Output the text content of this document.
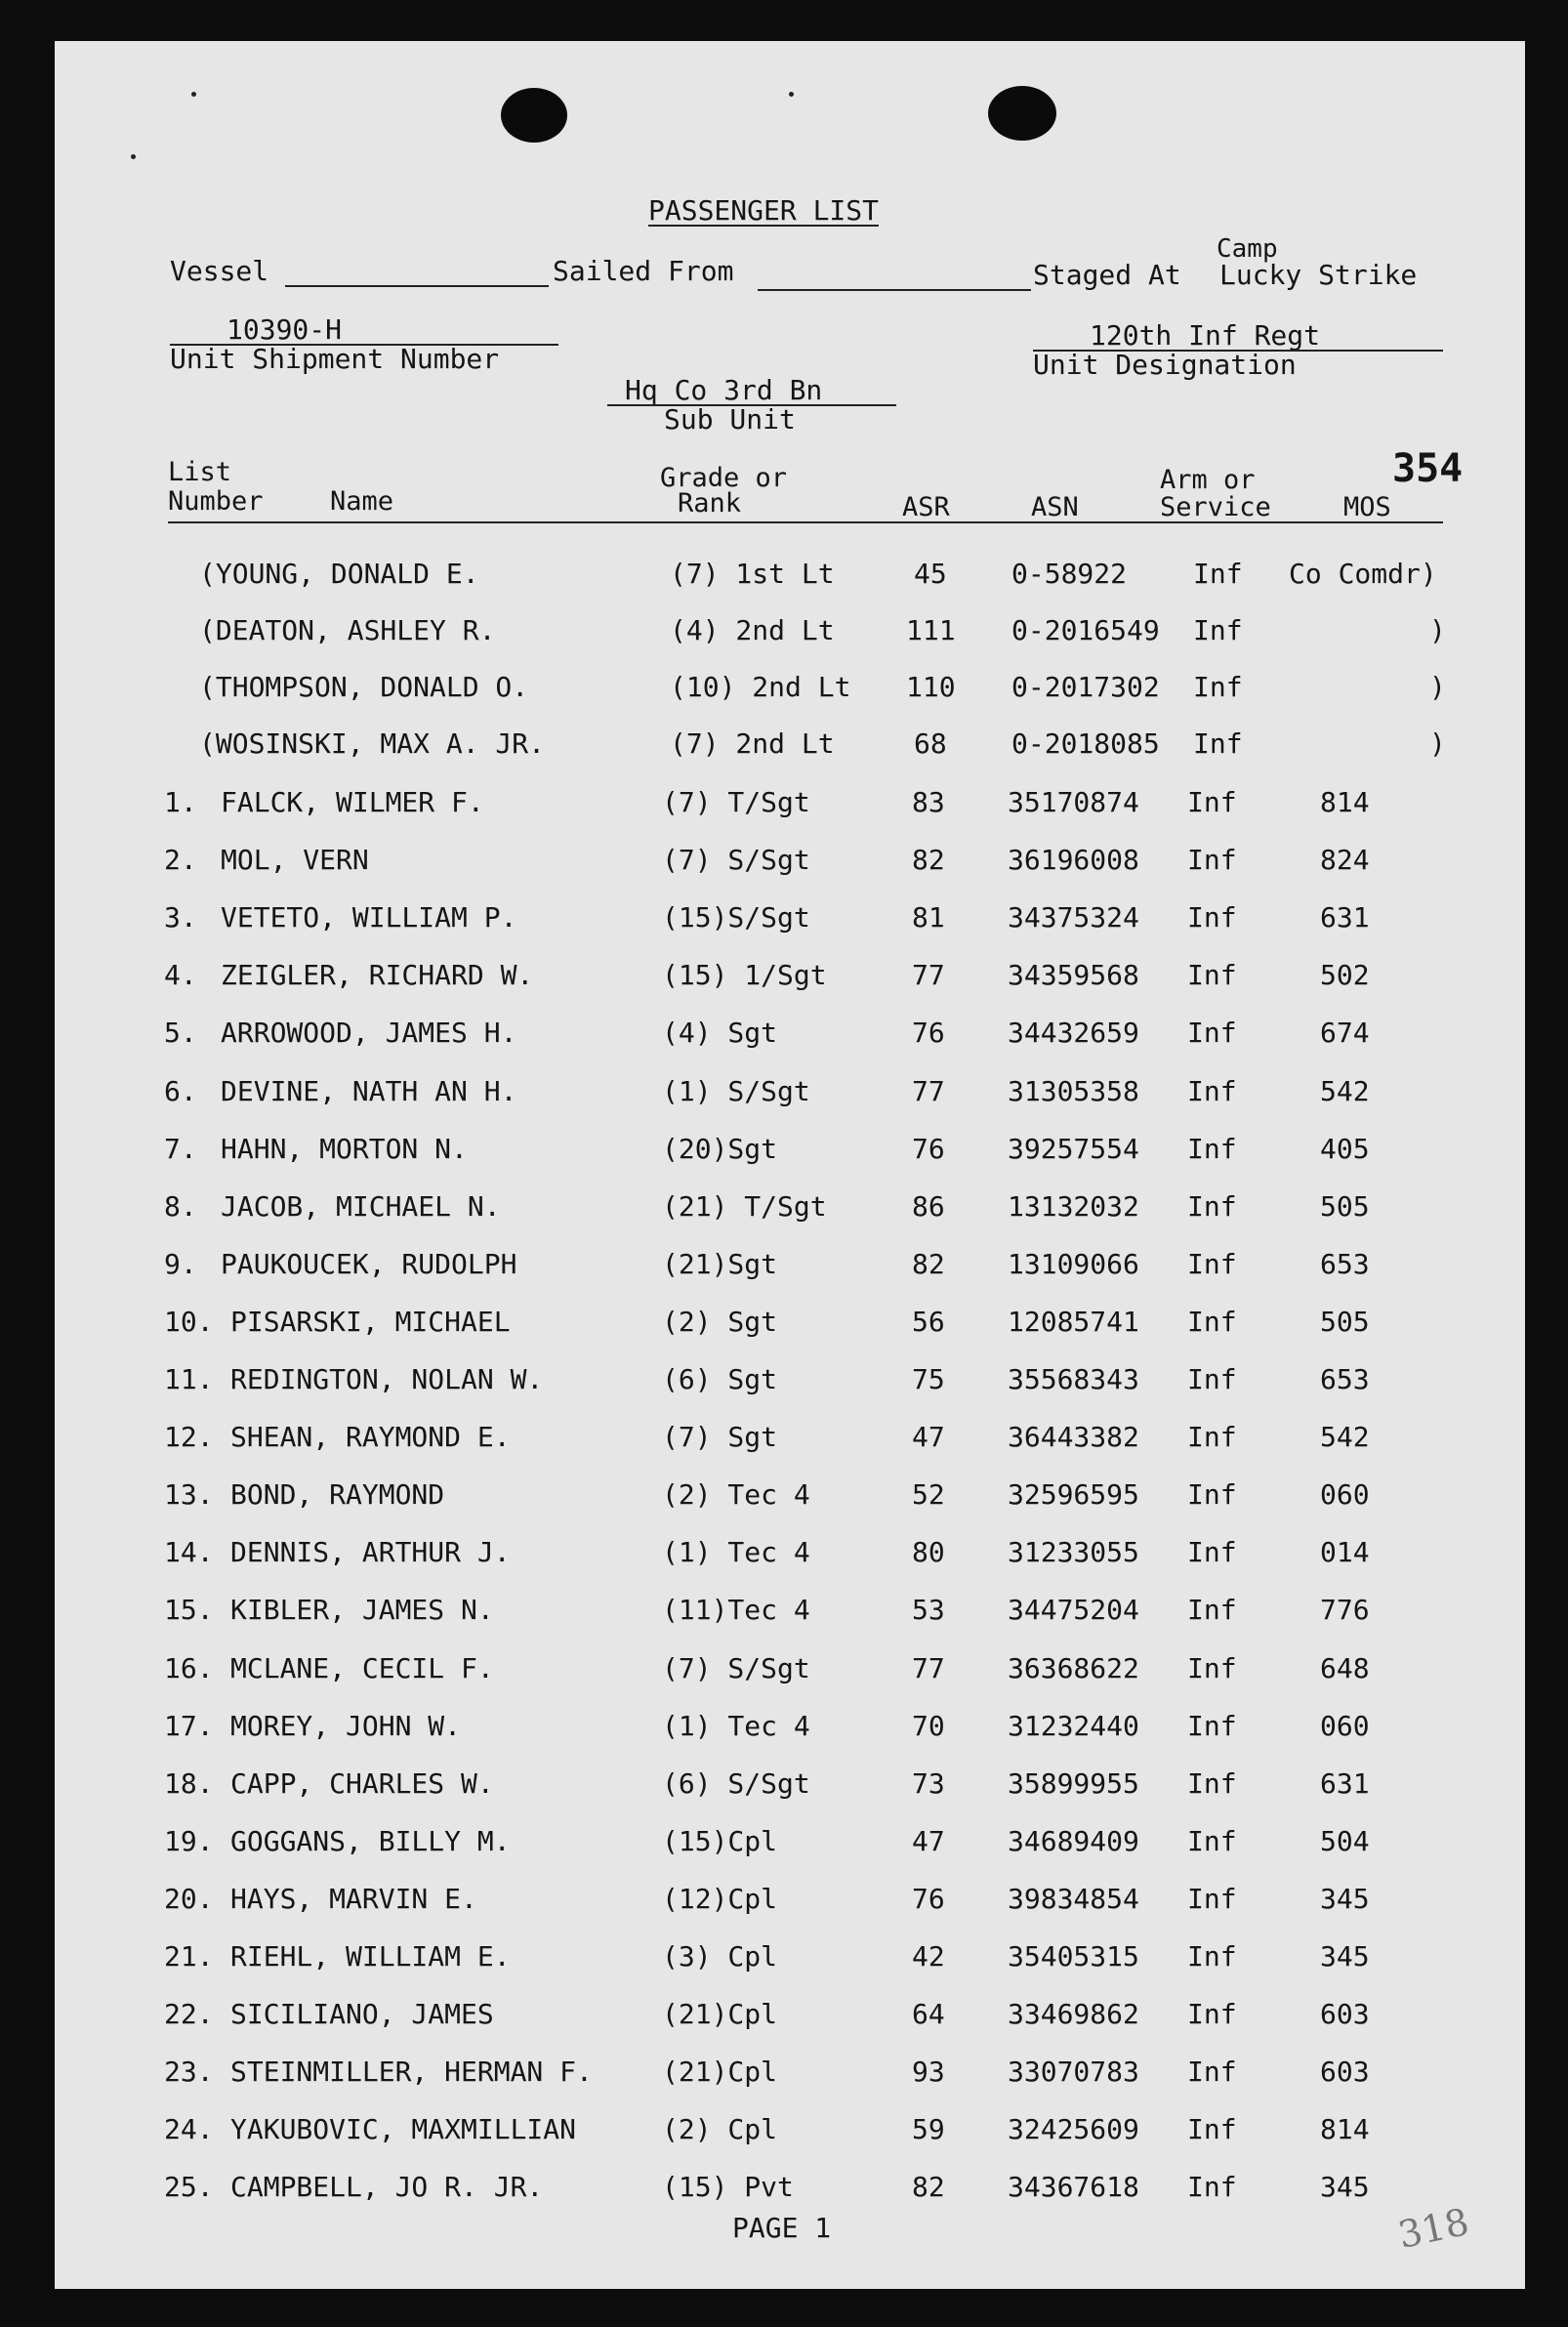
PASSENGER LIST
Camp
Vessel	Sailed From	Staged At Lucky Strike
10390-H
Unit Shipment Number
120th Inf Regt
Unit Designation
Hq Co 3rd Bn
Sub Unit
354
List
Number	Name
Grade or
Rank	ASR	ASN
Arm or
Service	MOS
(YOUNG, DONALD E.	(7) 1st Lt	45 0-58922 Inf Co Comdr)
(DEATON, ASHLEY R.	(4) 2nd Lt	111 0-2016549 Inf	)
(THOMPSON, DONALD O.	(10) 2nd Lt 110 0-2017302 Inf	)
(WOSINSKI, MAX A. JR.	(7) 2nd Lt	68 0-2018085 Inf	)
1. FALCK, WILMER F.	(7) T/Sgt	83 35170874 Inf	814
2. MOL, VERN	(7) S/Sgt	82 36196008 Inf	824
3. VETETO, WILLIAM P.	(15)S/Sgt	81 34375324 Inf	631
4. ZEIGLER, RICHARD W.	(15) 1/Sgt	77 34359568 Inf	502
5. ARROWOOD, JAMES H.	(4) Sgt	76 34432659 Inf	674
6. DEVINE, NATH AN H.	(1) S/Sgt	77 31305358 Inf	542
7. HAHN, MORTON N.	(20)Sgt	76 39257554 Inf	405
8. JACOB, MICHAEL N.	(21) T/Sgt	86 13132032 Inf	505
9. PAUKOUCEK, RUDOLPH	(21)Sgt	82 13109066 Inf	653
10. PISARSKI, MICHAEL	(2) Sgt	56 12085741 Inf	505
11. REDINGTON, NOLAN W.	(6) Sgt	75 35568343 Inf	653
12. SHEAN, RAYMOND E.	(7) Sgt	47 36443382 Inf	542
13. BOND, RAYMOND	(2) Tec 4	52 32596595 Inf	060
14. DENNIS, ARTHUR J.	(1) Tec 4	80 31233055 Inf	014
15. KIBLER, JAMES N.	(11)Tec 4	53 34475204 Inf	776
16. MCLANE, CECIL F.	(7) S/Sgt	77 36368622 Inf	648
17. MOREY, JOHN W.	(1) Tec 4	70 31232440 Inf	060
18. CAPP, CHARLES W.	(6) S/Sgt	73 35899955 Inf	631
19. GOGGANS, BILLY M.	(15)Cpl	47 34689409 Inf	504
20. HAYS, MARVIN E.	(12)Cpl	76 39834854 Inf	345
21. RIEHL, WILLIAM E.	(3) Cpl	42 35405315 Inf	345
22. SICILIANO, JAMES	(21)Cpl	64 33469862 Inf	603
23. STEINMILLER, HERMAN F.	(21)Cpl	93 33070783 Inf	603
24. YAKUBOVIC, MAXMILLIAN	(2) Cpl	59 32425609 Inf	814
25. CAMPBELL, JO R. JR.	(15) Pvt	82 34367618 Inf	345
PAGE 1	318
